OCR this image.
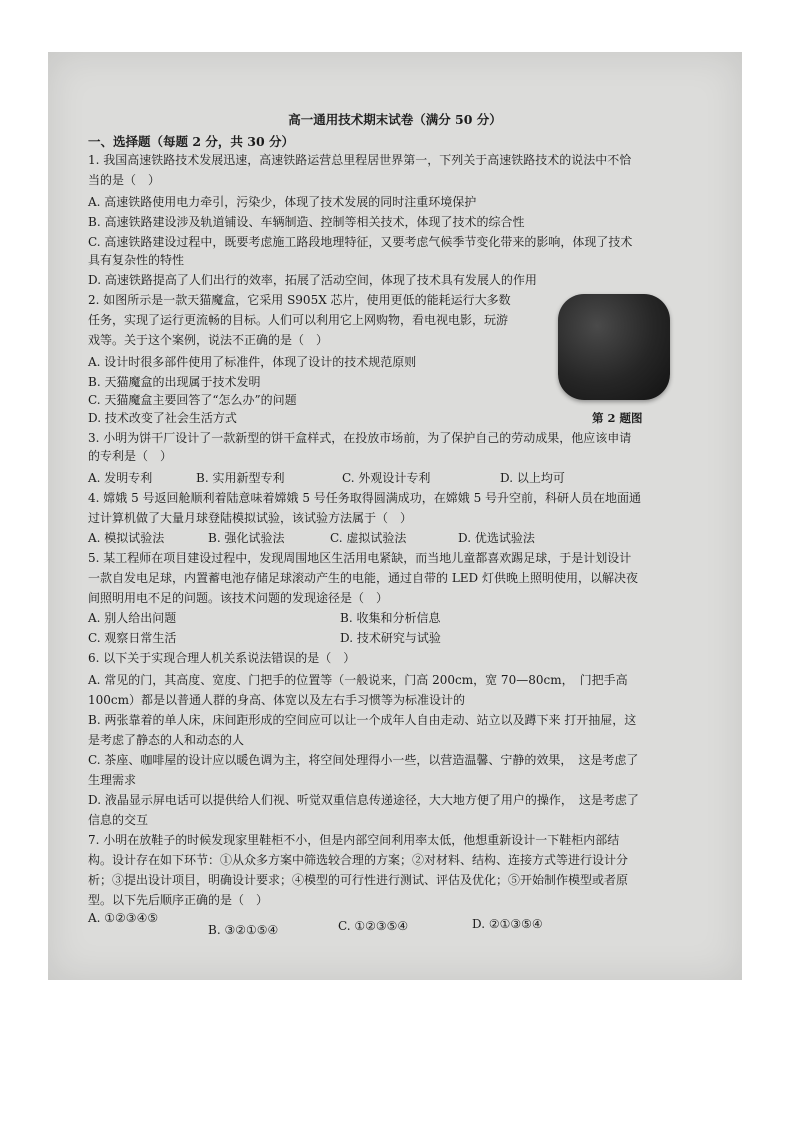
高一通用技术期末试卷（满分 50 分）
一、选择题（每题 2 分，共 30 分）
1. 我国高速铁路技术发展迅速，高速铁路运营总里程居世界第一，下列关于高速铁路技术的说法中不恰
当的是（　）
A. 高速铁路使用电力牵引，污染少，体现了技术发展的同时注重环境保护
B. 高速铁路建设涉及轨道铺设、车辆制造、控制等相关技术，体现了技术的综合性
C. 高速铁路建设过程中，既要考虑施工路段地理特征，又要考虑气候季节变化带来的影响，体现了技术
具有复杂性的特性
D. 高速铁路提高了人们出行的效率，拓展了活动空间，体现了技术具有发展人的作用
2. 如图所示是一款天猫魔盒，它采用 S905X 芯片，使用更低的能耗运行大多数
任务，实现了运行更流畅的目标。人们可以利用它上网购物，看电视电影，玩游
戏等。关于这个案例，说法不正确的是（　）
A. 设计时很多部件使用了标准件，体现了设计的技术规范原则
B. 天猫魔盒的出现属于技术发明
C. 天猫魔盒主要回答了“怎么办”的问题
D. 技术改变了社会生活方式	第 2 题图
3. 小明为饼干厂设计了一款新型的饼干盒样式，在投放市场前，为了保护自己的劳动成果，他应该申请
的专利是（　）
A. 发明专利	B. 实用新型专利	C. 外观设计专利	D. 以上均可
4. 嫦娥 5 号返回舱顺利着陆意味着嫦娥 5 号任务取得圆满成功，在嫦娥 5 号升空前，科研人员在地面通
过计算机做了大量月球登陆模拟试验，该试验方法属于（　）
A. 模拟试验法	B. 强化试验法	C. 虚拟试验法	D. 优选试验法
5. 某工程师在项目建设过程中，发现周围地区生活用电紧缺，而当地儿童都喜欢踢足球，于是计划设计
一款自发电足球，内置蓄电池存储足球滚动产生的电能，通过自带的 LED 灯供晚上照明使用，以解决夜
间照明用电不足的问题。该技术问题的发现途径是（　）
A. 别人给出问题	B. 收集和分析信息
C. 观察日常生活	D. 技术研究与试验
6. 以下关于实现合理人机关系说法错误的是（　）
A. 常见的门，其高度、宽度、门把手的位置等（一般说来，门高 200cm，宽 70—80cm，　门把手高
100cm）都是以普通人群的身高、体宽以及左右手习惯等为标准设计的
B. 两张靠着的单人床，床间距形成的空间应可以让一个成年人自由走动、站立以及蹲下来 打开抽屉，这
是考虑了静态的人和动态的人
C. 茶座、咖啡屋的设计应以暖色调为主，将空间处理得小一些，以营造温馨、宁静的效果，　这是考虑了
生理需求
D. 液晶显示屏电话可以提供给人们视、听觉双重信息传递途径，大大地方便了用户的操作，　这是考虑了
信息的交互
7. 小明在放鞋子的时候发现家里鞋柜不小，但是内部空间利用率太低，他想重新设计一下鞋柜内部结
构。设计存在如下环节：①从众多方案中筛选较合理的方案；②对材料、结构、连接方式等进行设计分
析；③提出设计项目，明确设计要求；④模型的可行性进行测试、评估及优化；⑤开始制作模型或者原
型。以下先后顺序正确的是（　）
A. ①②③④⑤
B. ③②①⑤④	C. ①②③⑤④	D. ②①③⑤④
